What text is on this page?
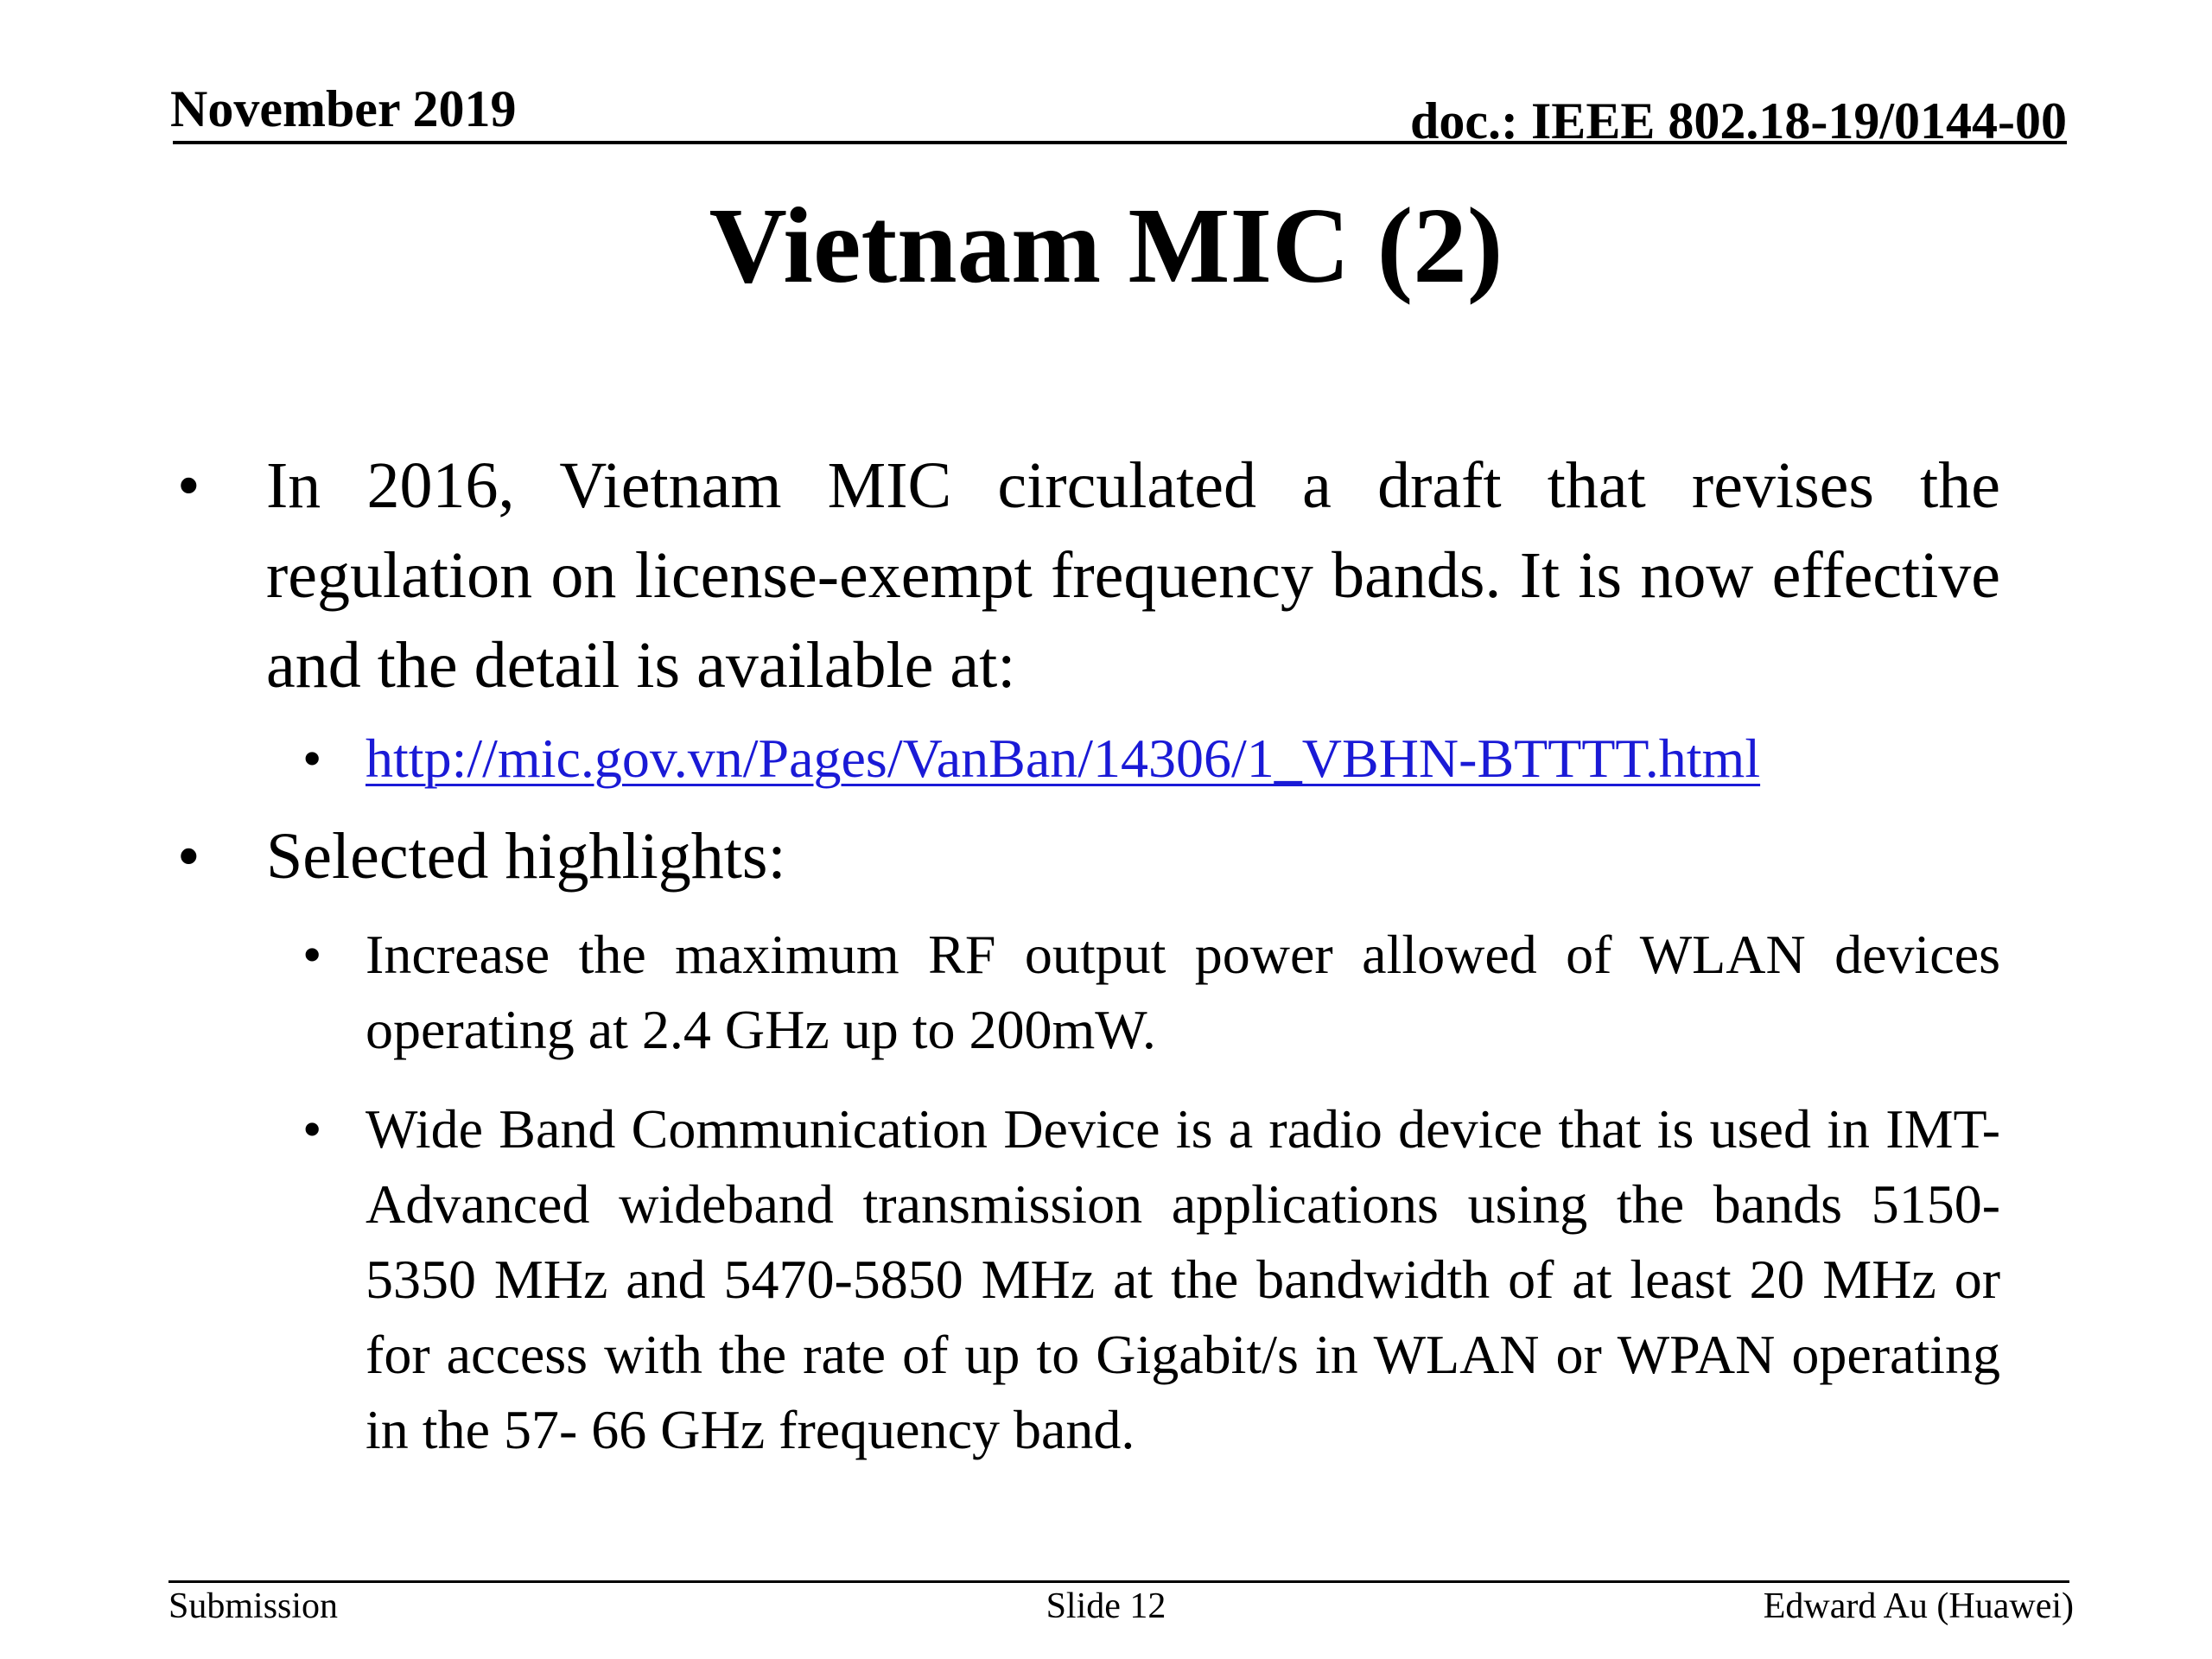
November 2019	doc.: IEEE 802.18-19/0144-00
Vietnam MIC (2)
• In 2016, Vietnam MIC circulated a draft that revises the regulation on license-exempt frequency bands. It is now effective and the detail is available at:
• http://mic.gov.vn/Pages/VanBan/14306/1_VBHN-BTTTT.html
• Selected highlights:
• Increase the maximum RF output power allowed of WLAN devices operating at 2.4 GHz up to 200mW.
• Wide Band Communication Device is a radio device that is used in IMT-Advanced wideband transmission applications using the bands 5150-5350 MHz and 5470-5850 MHz at the bandwidth of at least 20 MHz or for access with the rate of up to Gigabit/s in WLAN or WPAN operating in the 57- 66 GHz frequency band.
Submission	Slide 12	Edward Au (Huawei)
